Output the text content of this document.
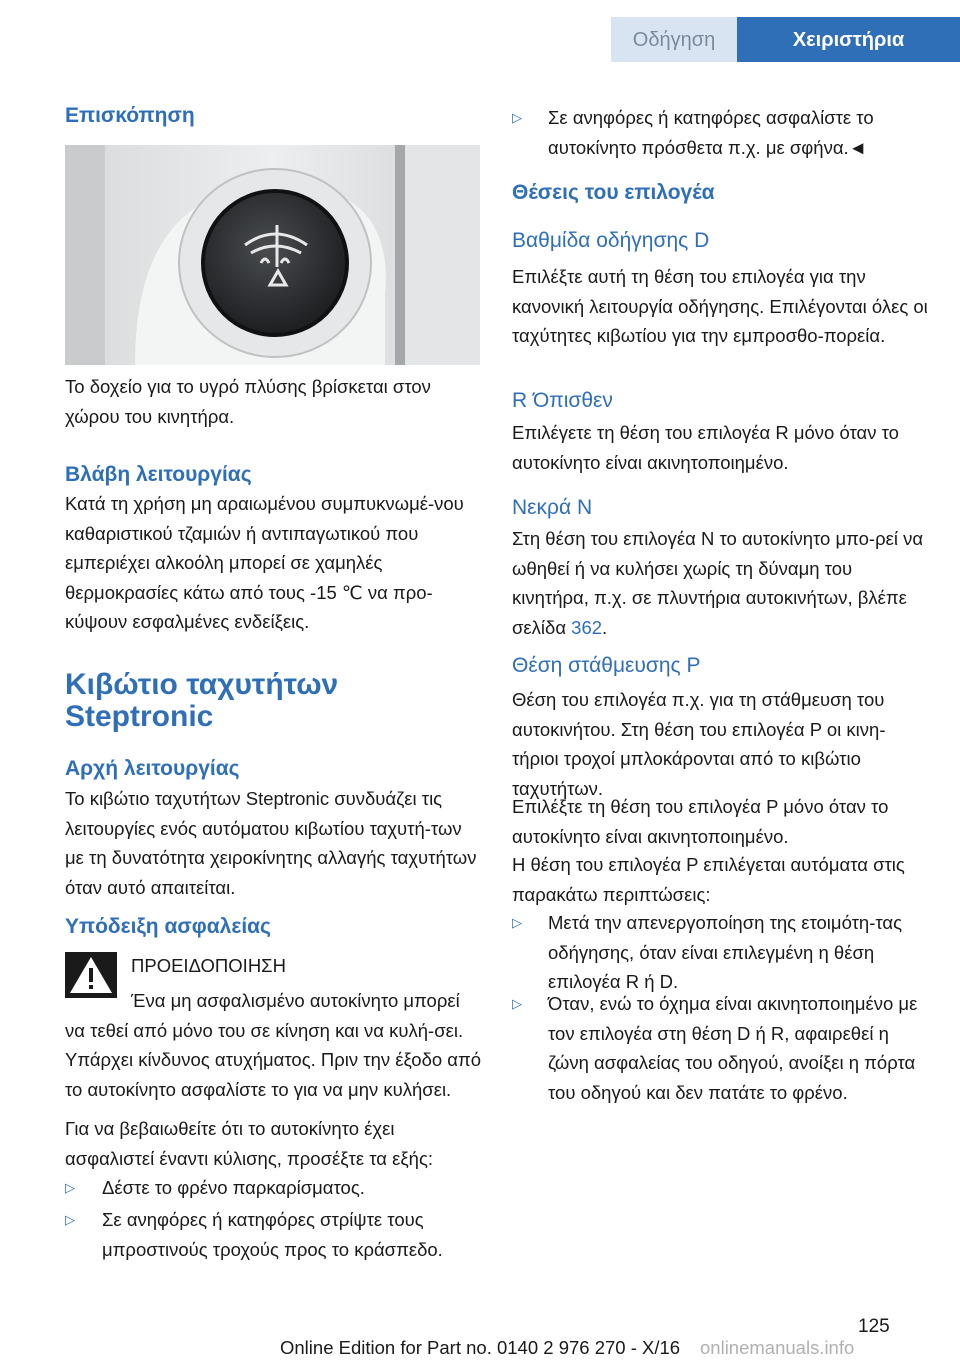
Οδήγηση	Χειριστήρια
Επισκόπηση
Το δοχείο για το υγρό πλύσης βρίσκεται στον χώρου του κινητήρα.
Βλάβη λειτουργίας
Κατά τη χρήση μη αραιωμένου συμπυκνωμέ-νου καθαριστικού τζαμιών ή αντιπαγωτικού που εμπεριέχει αλκοόλη μπορεί σε χαμηλές θερμοκρασίες κάτω από τους -15 ℃ να προ-κύψουν εσφαλμένες ενδείξεις.
Κιβώτιο ταχυτήτων
Steptronic
Αρχή λειτουργίας
Το κιβώτιο ταχυτήτων Steptronic συνδυάζει τις λειτουργίες ενός αυτόματου κιβωτίου ταχυτή-των με τη δυνατότητα χειροκίνητης αλλαγής ταχυτήτων όταν αυτό απαιτείται.
Υπόδειξη ασφαλείας
ΠΡΟΕΙΔΟΠΟΙΗΣΗ
Ένα μη ασφαλισμένο αυτοκίνητο μπορεί να τεθεί από μόνο του σε κίνηση και να κυλή-σει. Υπάρχει κίνδυνος ατυχήματος. Πριν την έξοδο από το αυτοκίνητο ασφαλίστε το για να μην κυλήσει.
Για να βεβαιωθείτε ότι το αυτοκίνητο έχει ασφαλιστεί έναντι κύλισης, προσέξτε τα εξής:
▷ Δέστε το φρένο παρκαρίσματος.
▷ Σε ανηφόρες ή κατηφόρες στρίψτε τους μπροστινούς τροχούς προς το κράσπεδο.
▷ Σε ανηφόρες ή κατηφόρες ασφαλίστε το αυτοκίνητο πρόσθετα π.χ. με σφήνα.◄
Θέσεις του επιλογέα
Βαθμίδα οδήγησης D
Επιλέξτε αυτή τη θέση του επιλογέα για την κανονική λειτουργία οδήγησης. Επιλέγονται όλες οι ταχύτητες κιβωτίου για την εμπροσθο-πορεία.
R Όπισθεν
Επιλέγετε τη θέση του επιλογέα R μόνο όταν το αυτοκίνητο είναι ακινητοποιημένο.
Νεκρά N
Στη θέση του επιλογέα N το αυτοκίνητο μπο-ρεί να ωθηθεί ή να κυλήσει χωρίς τη δύναμη του κινητήρα, π.χ. σε πλυντήρια αυτοκινήτων, βλέπε σελίδα 362.
Θέση στάθμευσης P
Θέση του επιλογέα π.χ. για τη στάθμευση του αυτοκινήτου. Στη θέση του επιλογέα P οι κινη-τήριοι τροχοί μπλοκάρονται από το κιβώτιο ταχυτήτων.
Επιλέξτε τη θέση του επιλογέα P μόνο όταν το αυτοκίνητο είναι ακινητοποιημένο.
Η θέση του επιλογέα P επιλέγεται αυτόματα στις παρακάτω περιπτώσεις:
▷ Μετά την απενεργοποίηση της ετοιμότη-τας οδήγησης, όταν είναι επιλεγμένη η θέση επιλογέα R ή D.
▷ Όταν, ενώ το όχημα είναι ακινητοποιημένο με τον επιλογέα στη θέση D ή R, αφαιρεθεί η ζώνη ασφαλείας του οδηγού, ανοίξει η πόρτα του οδηγού και δεν πατάτε το φρένο.
125
Online Edition for Part no. 0140 2 976 270 - X/16 onlinemanuals.info
